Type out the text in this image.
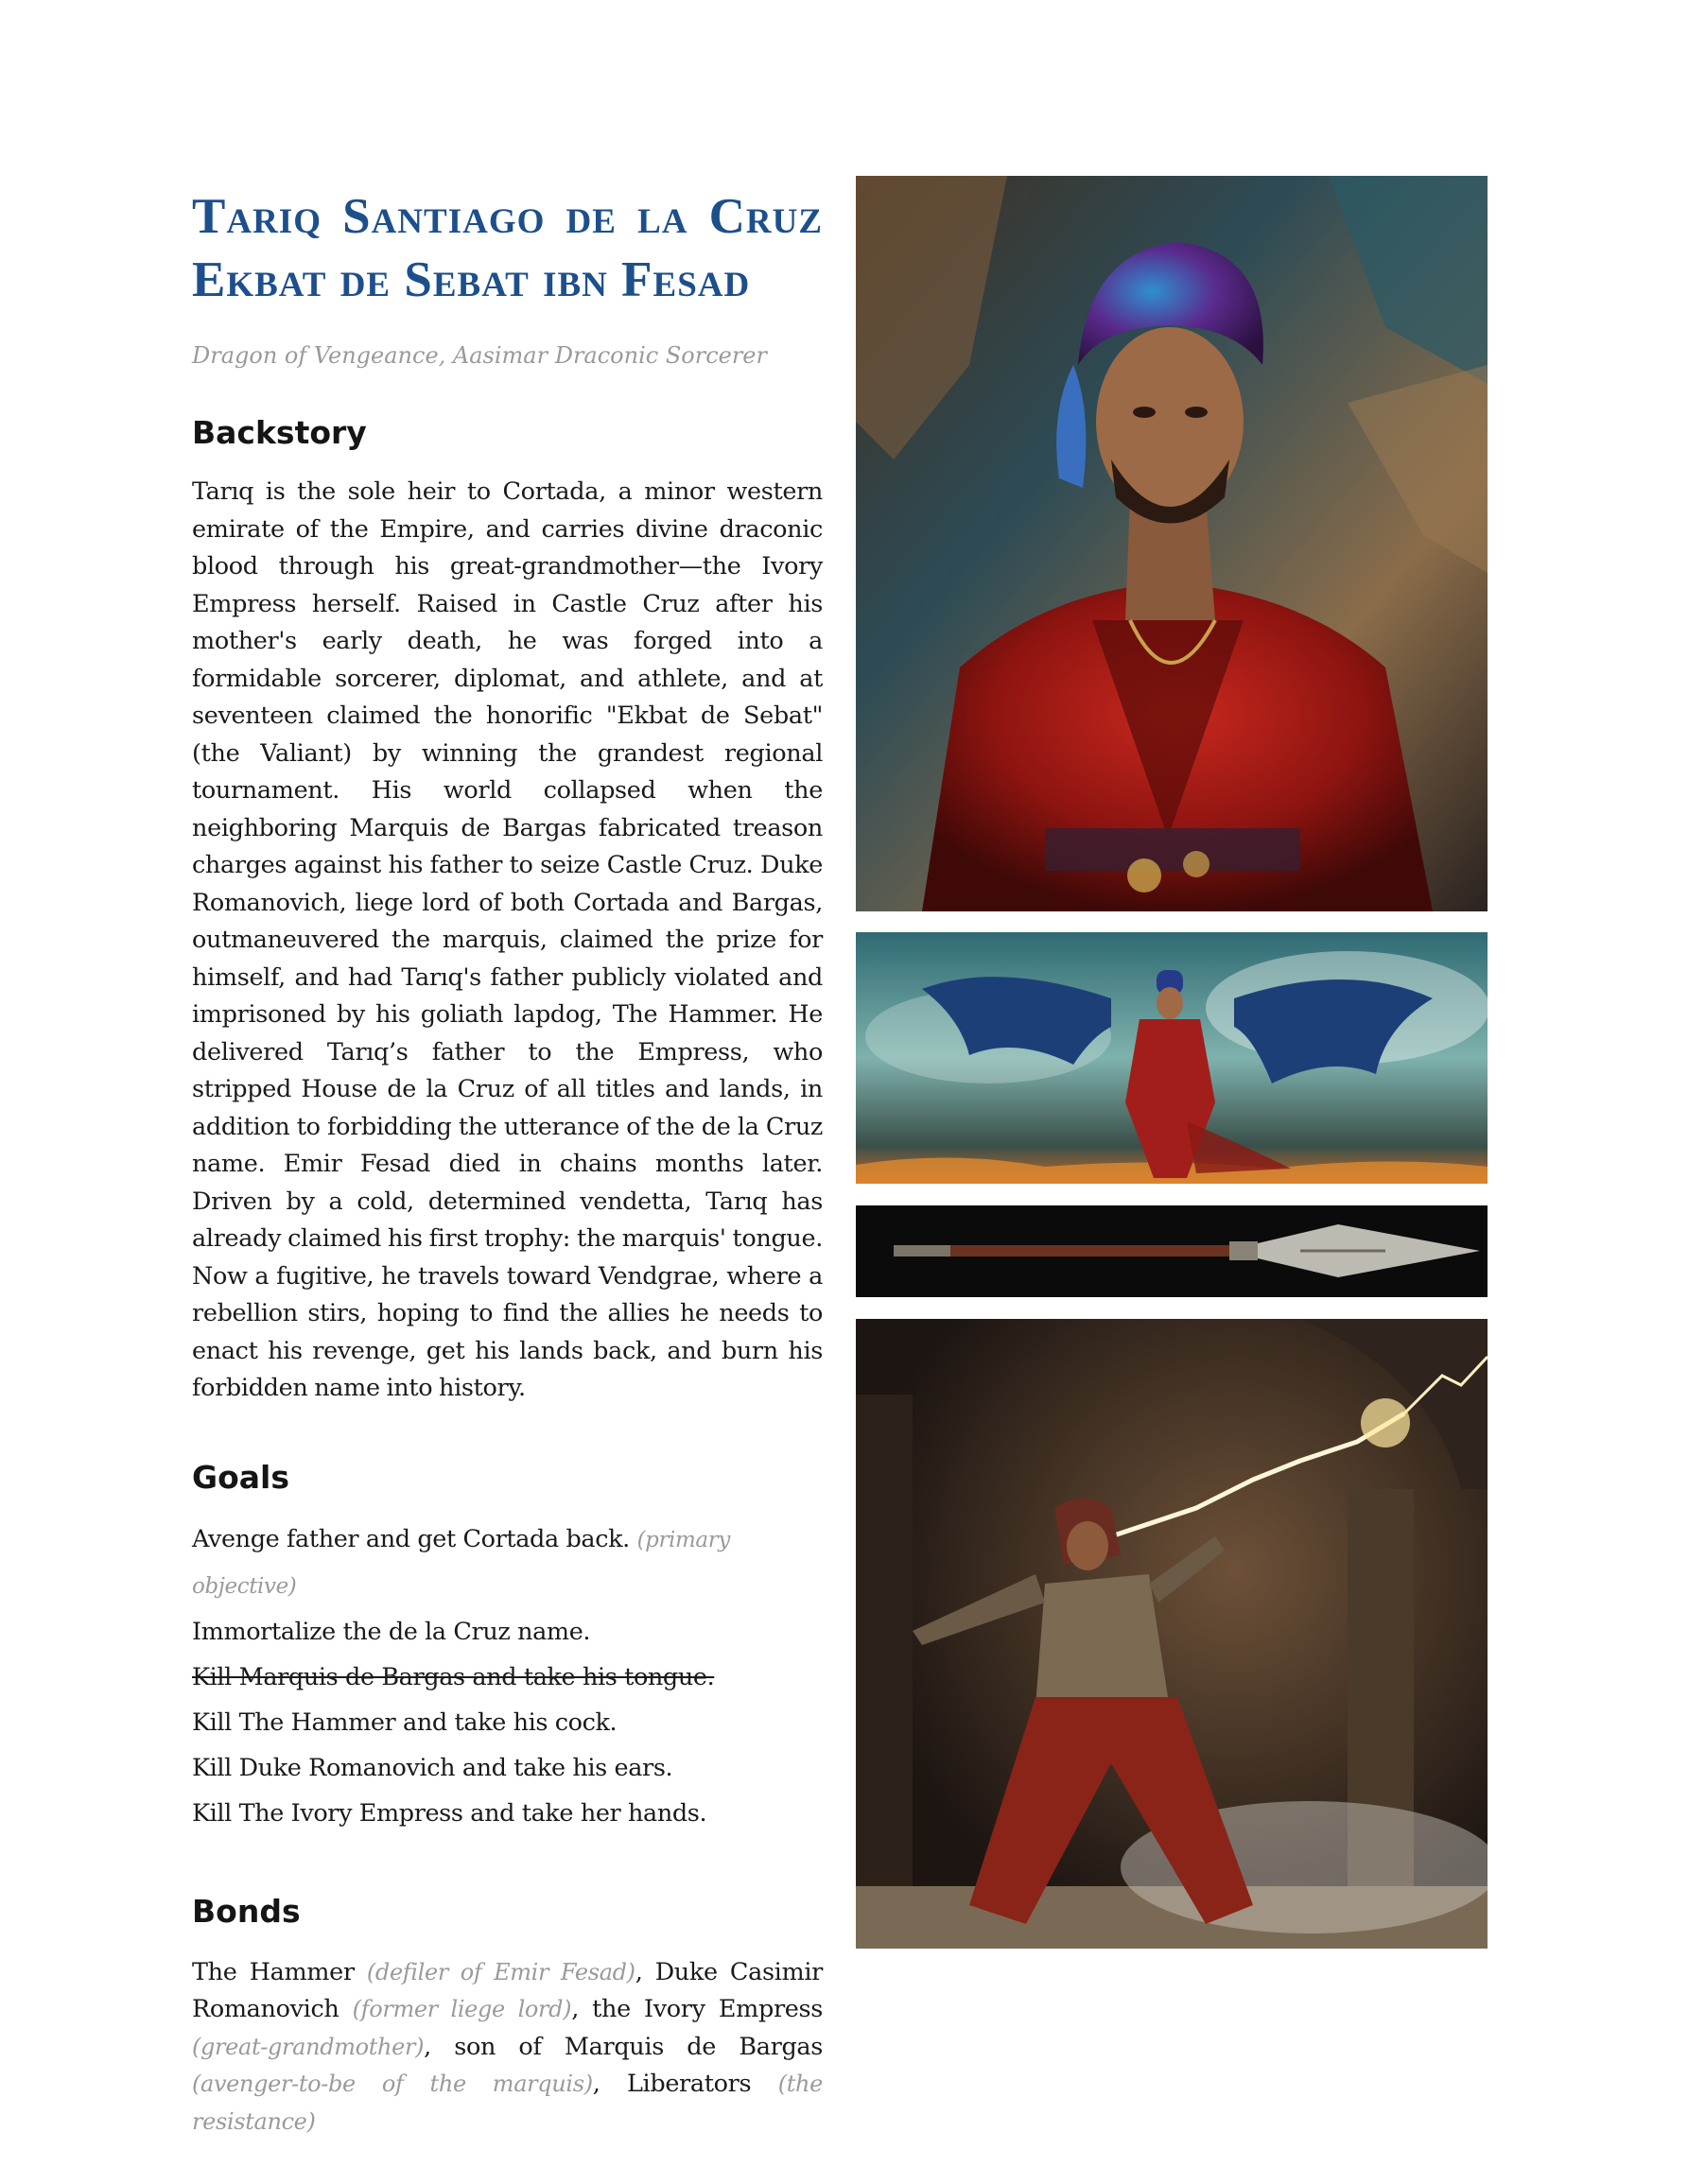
Tariq Santiago de la Cruz
Ekbat de Sebat ibn Fesad
Dragon of Vengeance, Aasimar Draconic Sorcerer
Backstory

Tarıq is the sole heir to Cortada, a minor western emirate of the Empire, and carries divine draconic blood through his great-grandmother—the Ivory Empress herself. Raised in Castle Cruz after his mother's early death, he was forged into a formidable sorcerer, diplomat, and athlete, and at seventeen claimed the honorific "Ekbat de Sebat" (the Valiant) by winning the grandest regional tournament. His world collapsed when the neighboring Marquis de Bargas fabricated treason charges against his father to seize Castle Cruz. Duke Romanovich, liege lord of both Cortada and Bargas, outmaneuvered the marquis, claimed the prize for himself, and had Tarıq's father publicly violated and imprisoned by his goliath lapdog, The Hammer. He delivered Tarıq’s father to the Empress, who stripped House de la Cruz of all titles and lands, in addition to forbidding the utterance of the de la Cruz name. Emir Fesad died in chains months later. Driven by a cold, determined vendetta, Tarıq has already claimed his first trophy: the marquis' tongue. Now a fugitive, he travels toward Vendgrae, where a rebellion stirs, hoping to find the allies he needs to enact his revenge, get his lands back, and burn his forbidden name into history.

Goals
Avenge father and get Cortada back. (primary objective)
Immortalize the de la Cruz name.
Kill Marquis de Bargas and take his tongue.
Kill The Hammer and take his cock.
Kill Duke Romanovich and take his ears.
Kill The Ivory Empress and take her hands.
Bonds

The Hammer (defiler of Emir Fesad), Duke Casimir Romanovich (former liege lord), the Ivory Empress (great-grandmother), son of Marquis de Bargas (avenger-to-be of the marquis), Liberators (the resistance)
